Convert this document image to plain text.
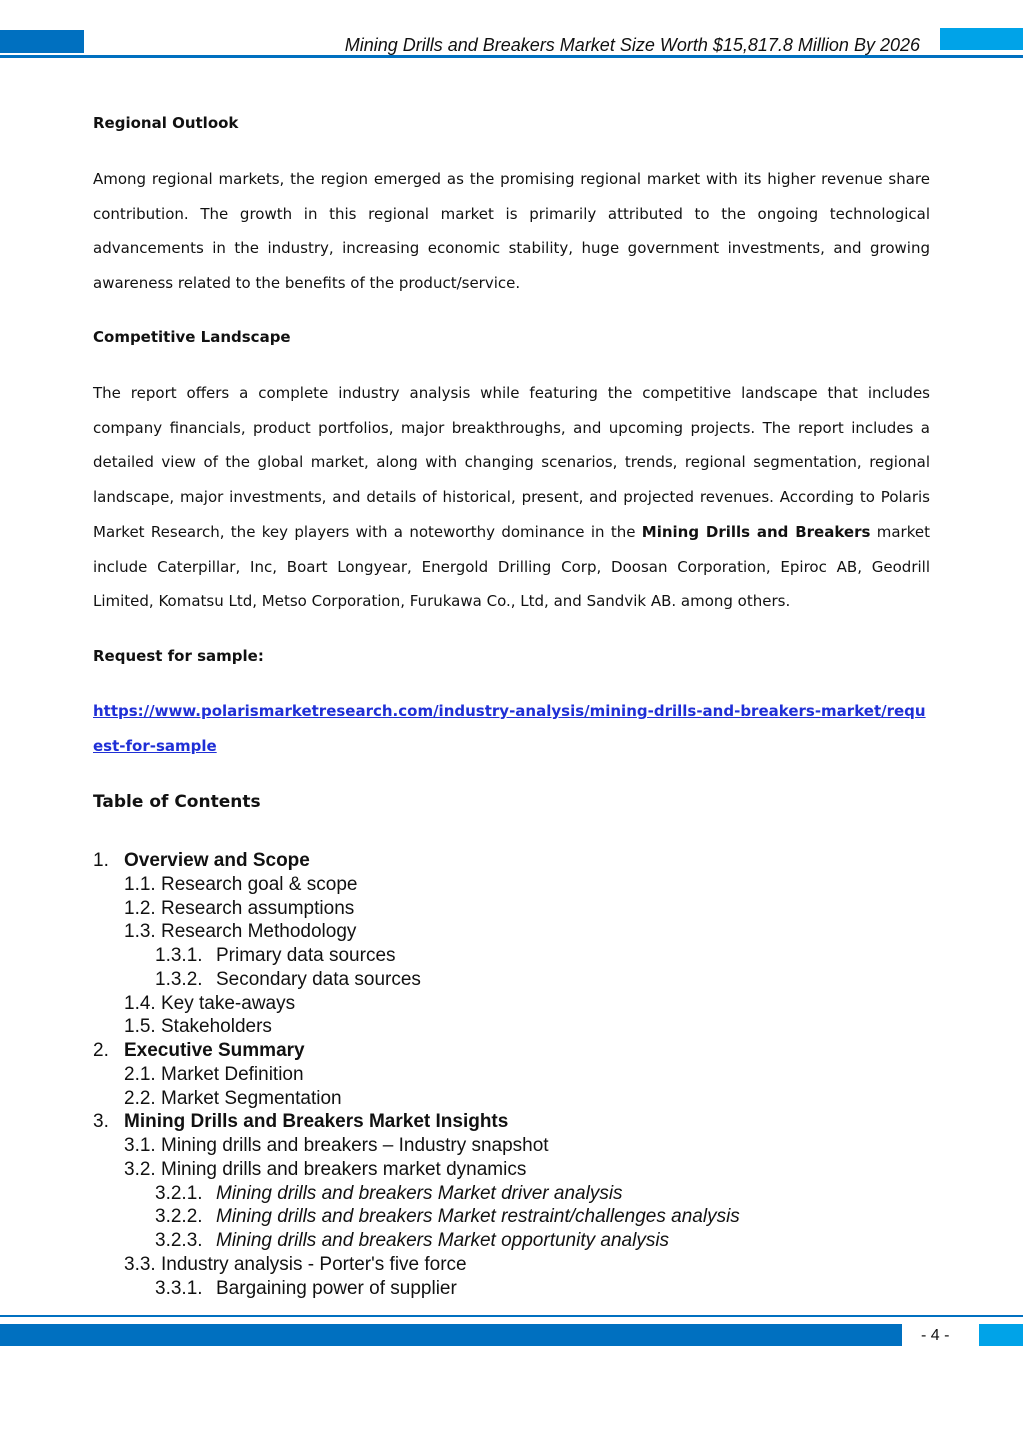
Mining Drills and Breakers Market Size Worth $15,817.8 Million By 2026
Regional Outlook
Among regional markets, the region emerged as the promising regional market with its higher revenue share contribution. The growth in this regional market is primarily attributed to the ongoing technological advancements in the industry, increasing economic stability, huge government investments, and growing awareness related to the benefits of the product/service.
Competitive Landscape
The report offers a complete industry analysis while featuring the competitive landscape that includes company financials, product portfolios, major breakthroughs, and upcoming projects. The report includes a detailed view of the global market, along with changing scenarios, trends, regional segmentation, regional landscape, major investments, and details of historical, present, and projected revenues. According to Polaris Market Research, the key players with a noteworthy dominance in the Mining Drills and Breakers market include Caterpillar, Inc, Boart Longyear, Energold Drilling Corp, Doosan Corporation, Epiroc AB, Geodrill Limited, Komatsu Ltd, Metso Corporation, Furukawa Co., Ltd, and Sandvik AB. among others.
Request for sample:
https://www.polarismarketresearch.com/industry-analysis/mining-drills-and-breakers-market/request-for-sample
Table of Contents
1. Overview and Scope
1.1. Research goal & scope
1.2. Research assumptions
1.3. Research Methodology
1.3.1. Primary data sources
1.3.2. Secondary data sources
1.4. Key take-aways
1.5. Stakeholders
2. Executive Summary
2.1. Market Definition
2.2. Market Segmentation
3. Mining Drills and Breakers Market Insights
3.1. Mining drills and breakers – Industry snapshot
3.2. Mining drills and breakers market dynamics
3.2.1. Mining drills and breakers Market driver analysis
3.2.2. Mining drills and breakers Market restraint/challenges analysis
3.2.3. Mining drills and breakers Market opportunity analysis
3.3. Industry analysis - Porter's five force
3.3.1. Bargaining power of supplier
- 4 -
